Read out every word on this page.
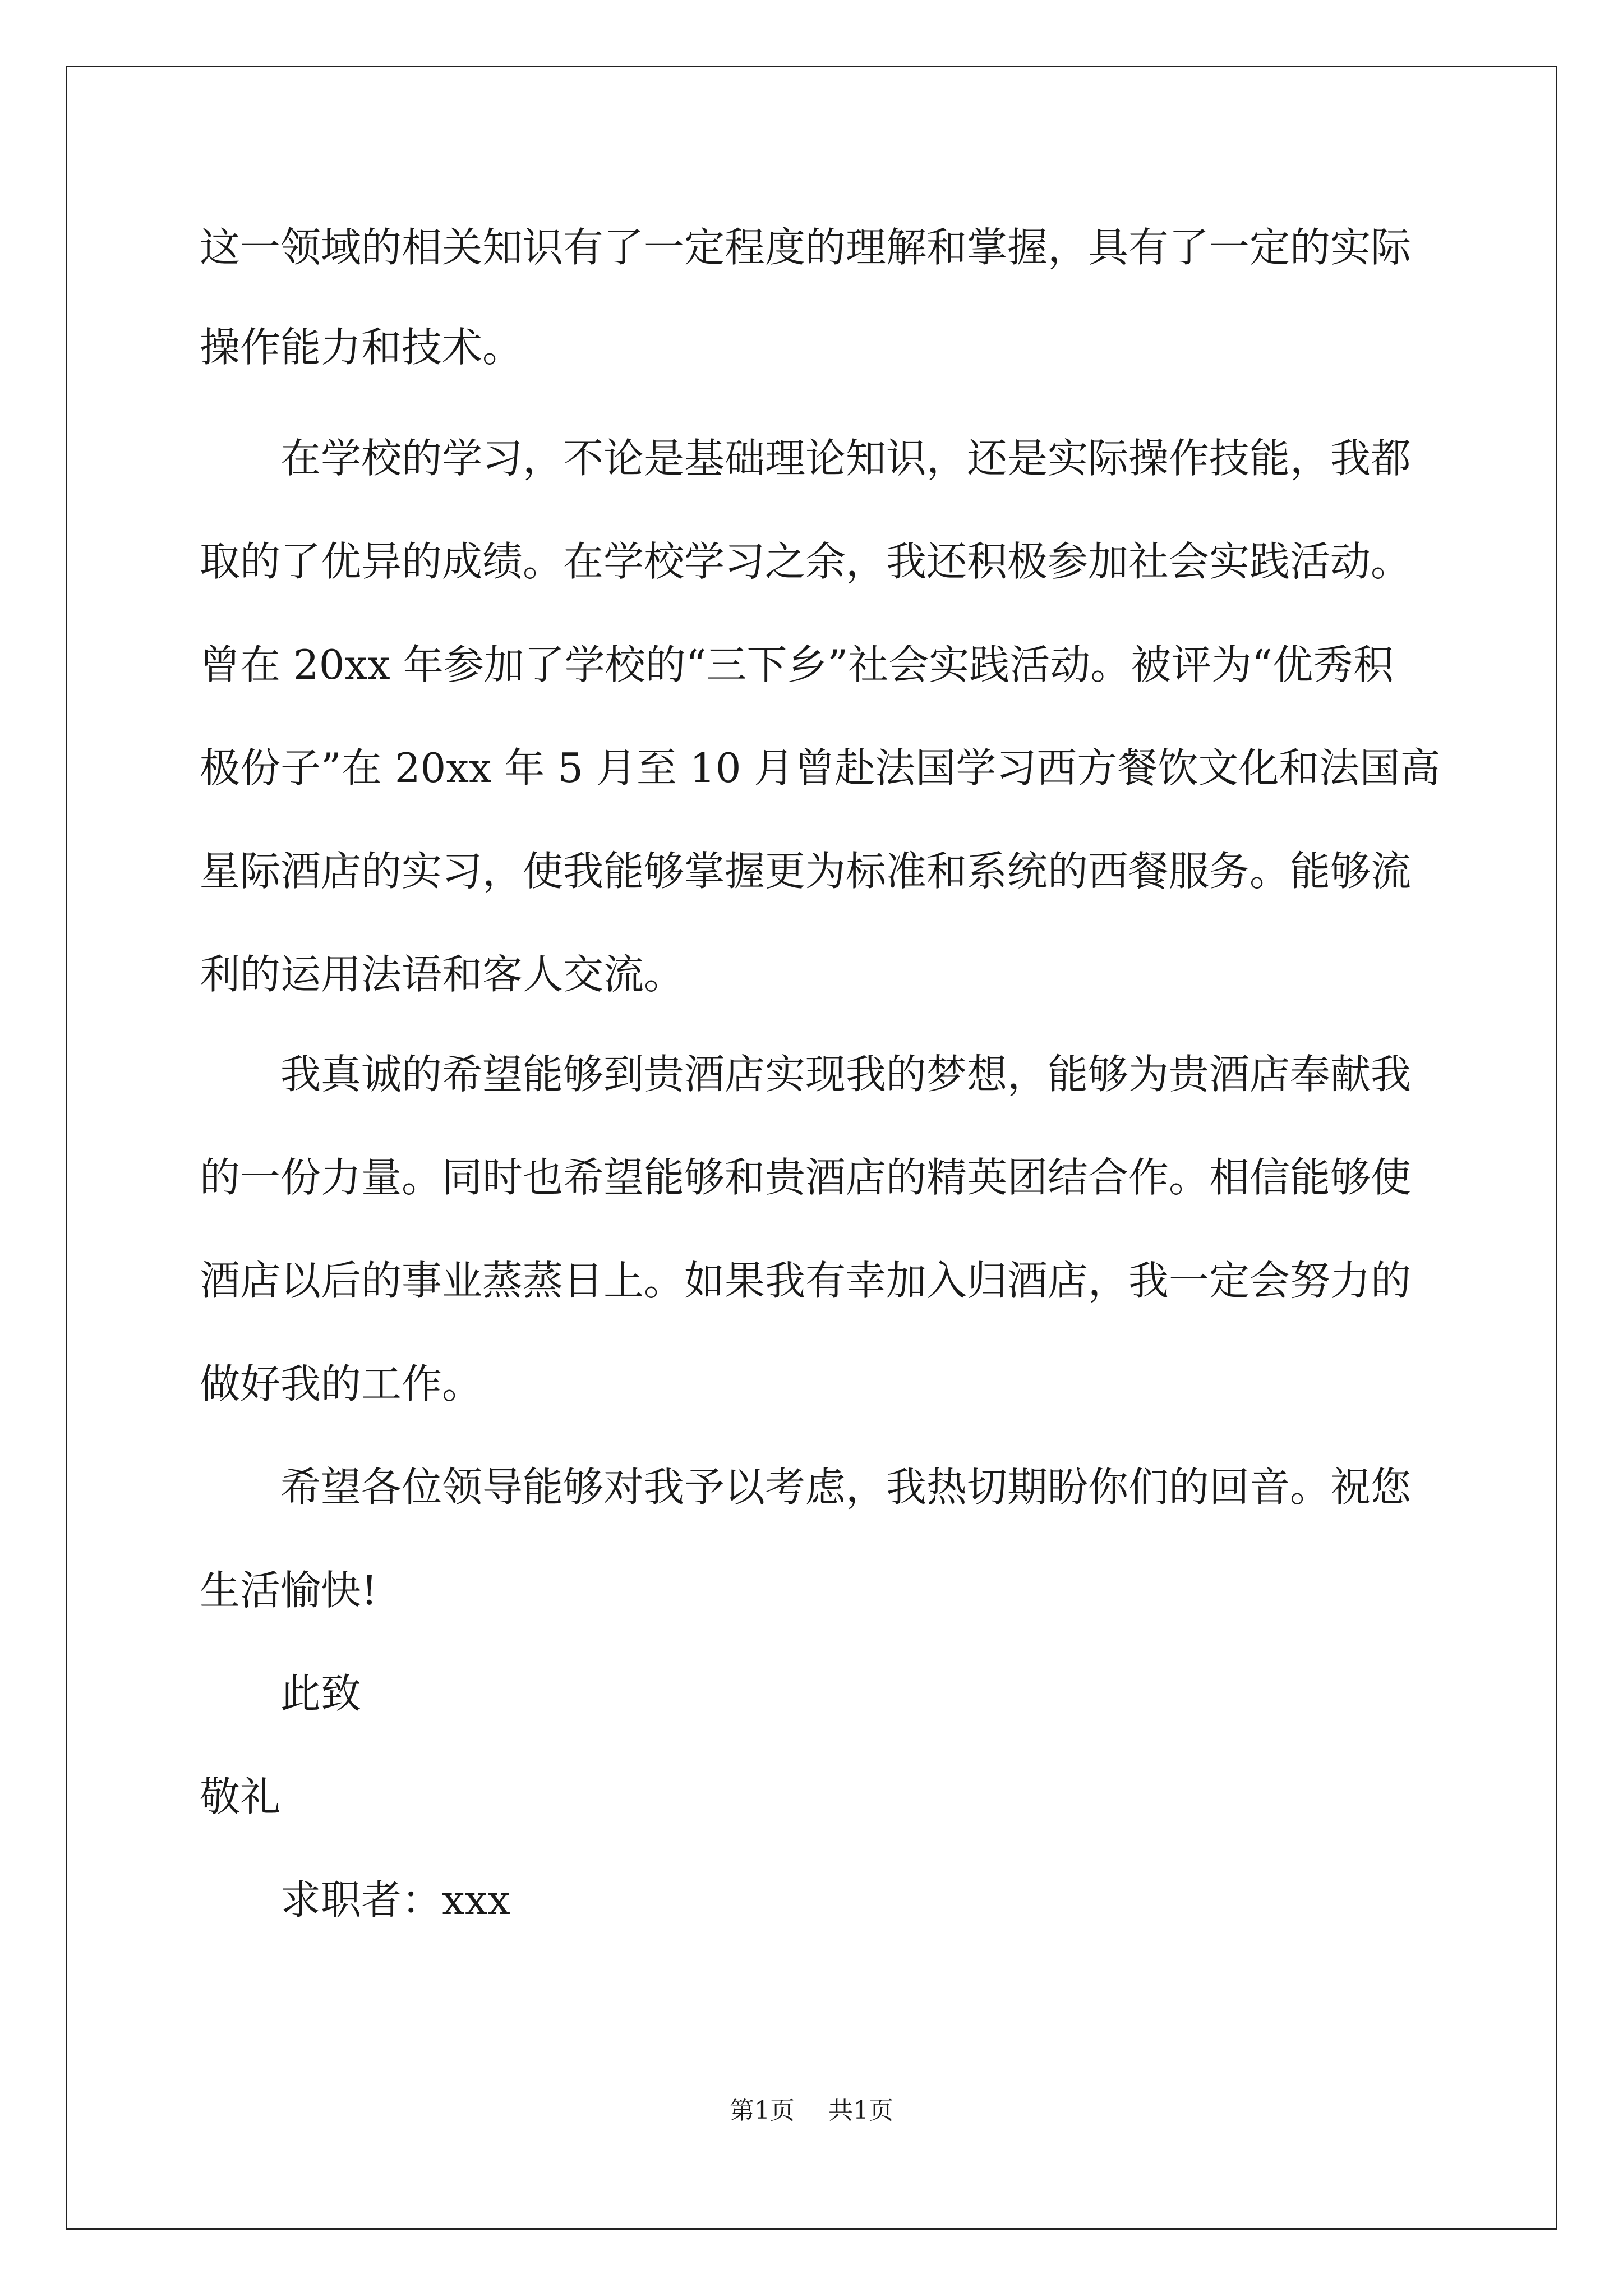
这一领域的相关知识有了一定程度的理解和掌握，具有了一定的实际
操作能力和技术。
在学校的学习，不论是基础理论知识，还是实际操作技能，我都
取的了优异的成绩。在学校学习之余，我还积极参加社会实践活动。
曾在 20xx 年参加了学校的“三下乡”社会实践活动。被评为“优秀积
极份子”在 20xx 年 5 月至 10 月曾赴法国学习西方餐饮文化和法国高
星际酒店的实习，使我能够掌握更为标准和系统的西餐服务。能够流
利的运用法语和客人交流。
我真诚的希望能够到贵酒店实现我的梦想，能够为贵酒店奉献我
的一份力量。同时也希望能够和贵酒店的精英团结合作。相信能够使
酒店以后的事业蒸蒸日上。如果我有幸加入归酒店，我一定会努力的
做好我的工作。
希望各位领导能够对我予以考虑，我热切期盼你们的回音。祝您
生活愉快!
此致
敬礼
求职者：xxx
第1页 共1页
